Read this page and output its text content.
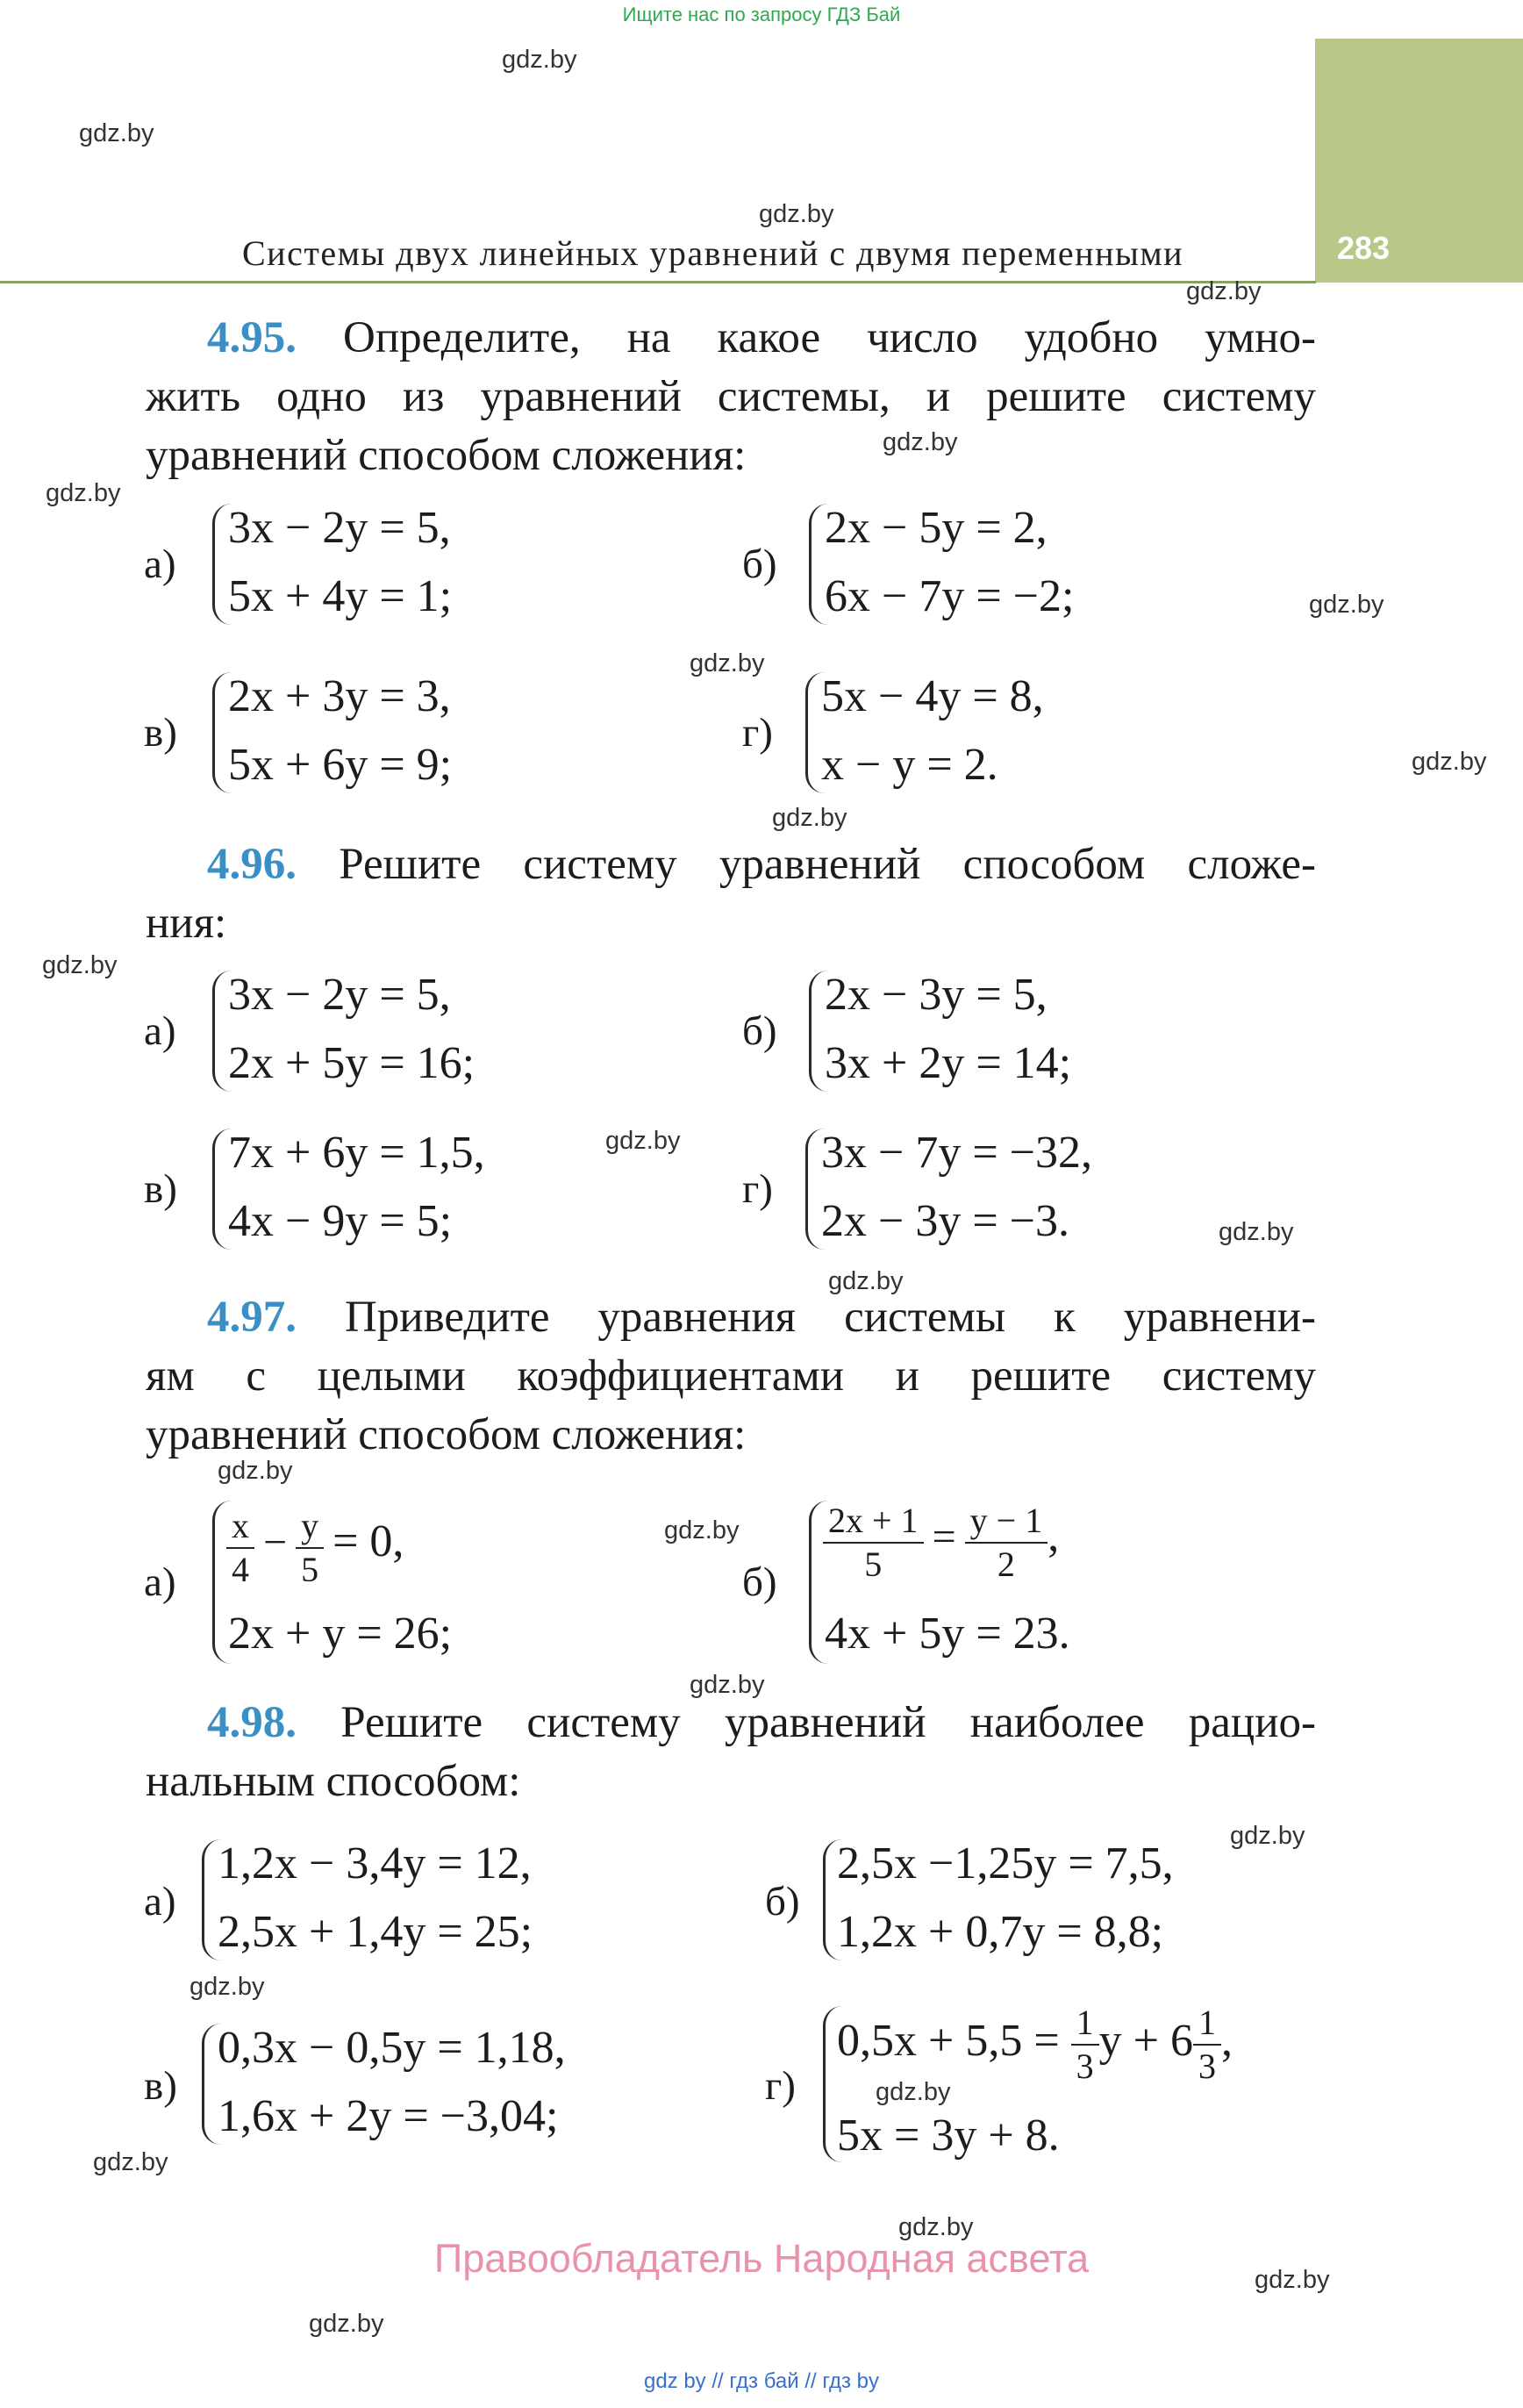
Ищите нас по запросу ГДЗ Бай
283
Системы двух линейных уравнений с двумя переменными
gdz.by
gdz.by
gdz.by
gdz.by
gdz.by
gdz.by
gdz.by
gdz.by
gdz.by
gdz.by
gdz.by
gdz.by
gdz.by
gdz.by
gdz.by
gdz.by
gdz.by
gdz.by
gdz.by
gdz.by
gdz.by
gdz.by
gdz.by
gdz.by
4.95. Определите, на какое число удобно умно-
жить одно из уравнений системы, и решите систему
уравнений способом сложения:
а)
3x − 2y = 5,
5x + 4y = 1;
б)
2x − 5y = 2,
6x − 7y = −2;
в)
2x + 3y = 3,
5x + 6y = 9;
г)
5x − 4y = 8,
x − y = 2.
4.96. Решите систему уравнений способом сложе-
ния:
а)
3x − 2y = 5,
2x + 5y = 16;
б)
2x − 3y = 5,
3x + 2y = 14;
в)
7x + 6y = 1,5,
4x − 9y = 5;
г)
3x − 7y = −32,
2x − 3y = −3.
4.97. Приведите уравнения системы к уравнени-
ям с целыми коэффициентами и решите систему
уравнений способом сложения:
$а) \frac{x}{4} - \frac{y}{5} = 0$,
2x + y = 26;
$б) \frac{2x + 1}{5} = \frac{y - 1}{2}$ ,
4x + 5y = 23.
4.98. Решите систему уравнений наиболее рацио-
нальным способом:
а)
1,2x − 3,4y = 12,
2,5x + 1,4y = 25;
б)
2,5x −1,25y = 7,5,
1,2x + 0,7y = 8,8;
в)
0,3x − 0,5y = 1,18,
1,6x + 2y = −3,04;
г)
$0,5x + 5,5 = \frac{1}{3}$ $y + 6 \frac{1}{3}$ ,
5x = 3y + 8.
Правообладатель Народная асвета
gdz by // гдз бай // гдз by
